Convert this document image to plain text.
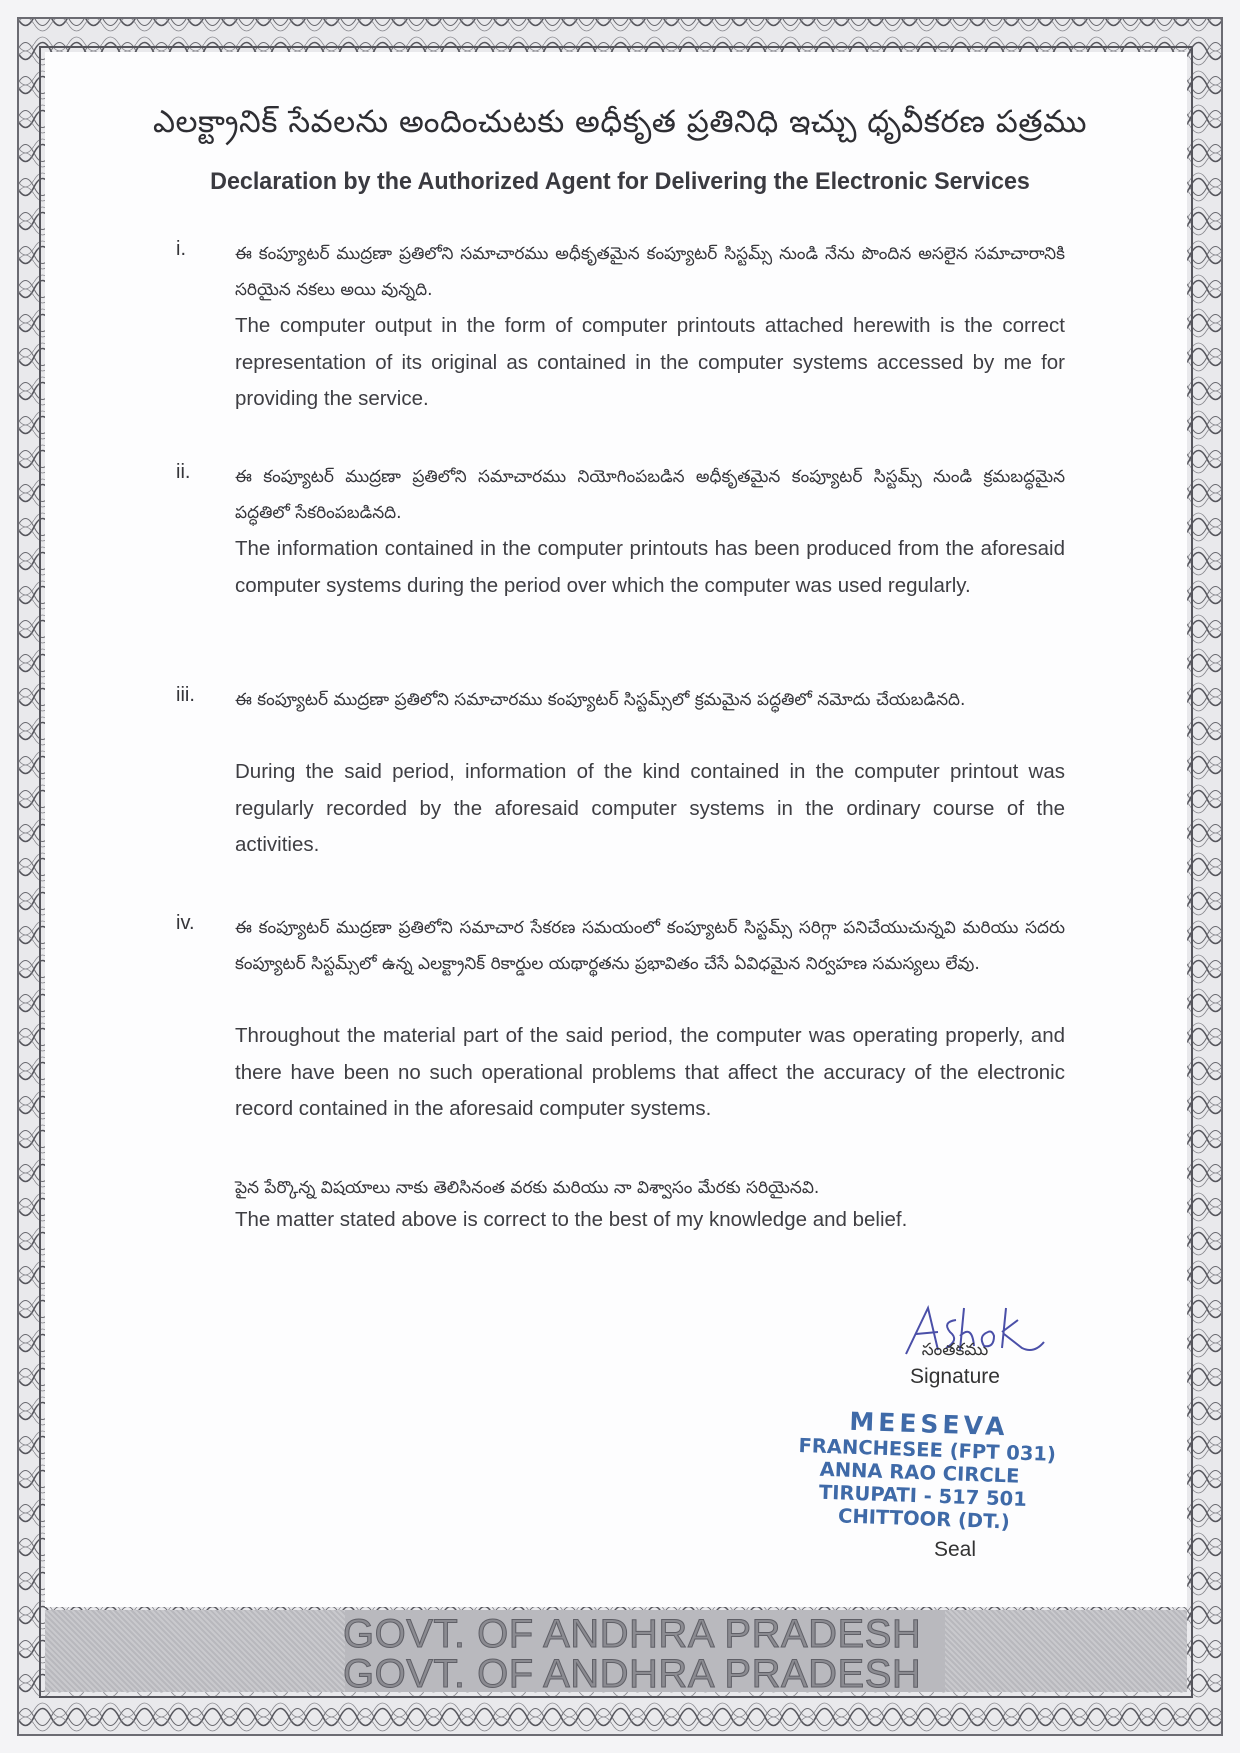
ఎలక్ట్రానిక్ సేవలను అందించుటకు అధీకృత ప్రతినిధి ఇచ్చు ధృవీకరణ పత్రము
Declaration by the Authorized Agent for Delivering the Electronic Services
i.	ఈ కంప్యూటర్ ముద్రణా ప్రతిలోని సమాచారము అధీకృతమైన కంప్యూటర్ సిస్టమ్స్ నుండి నేను పొందిన అసలైన సమాచారానికి సరియైన నకలు అయి వున్నది.
The computer output in the form of computer printouts attached herewith is the correct representation of its original as contained in the computer systems accessed by me for providing the service.
ii.	ఈ కంప్యూటర్ ముద్రణా ప్రతిలోని సమాచారము నియోగింపబడిన అధీకృతమైన కంప్యూటర్ సిస్టమ్స్ నుండి క్రమబద్ధమైన పద్ధతిలో సేకరింపబడినది.
The information contained in the computer printouts has been produced from the aforesaid computer systems during the period over which the computer was used regularly.
iii. ఈ కంప్యూటర్ ముద్రణా ప్రతిలోని సమాచారము కంప్యూటర్ సిస్టమ్స్‌లో క్రమమైన పద్ధతిలో నమోదు చేయబడినది.
During the said period, information of the kind contained in the computer printout was regularly recorded by the aforesaid computer systems in the ordinary course of the activities.
iv. ఈ కంప్యూటర్ ముద్రణా ప్రతిలోని సమాచార సేకరణ సమయంలో కంప్యూటర్ సిస్టమ్స్ సరిగ్గా పనిచేయుచున్నవి మరియు సదరు కంప్యూటర్ సిస్టమ్స్‌లో ఉన్న ఎలక్ట్రానిక్ రికార్డుల యథార్థతను ప్రభావితం చేసే ఏవిధమైన నిర్వహణ సమస్యలు లేవు.
Throughout the material part of the said period, the computer was operating properly, and there have been no such operational problems that affect the accuracy of the electronic record contained in the aforesaid computer systems.
పైన పేర్కొన్న విషయాలు నాకు తెలిసినంత వరకు మరియు నా విశ్వాసం మేరకు సరియైనవి.
The matter stated above is correct to the best of my knowledge and belief.
సంతకము
Signature
MEESEVA
FRANCHESEE (FPT 031)
ANNA RAO CIRCLE
TIRUPATI - 517 501
CHITTOOR (DT.)
Seal
GOVT. OF ANDHRA PRADESH
GOVT. OF ANDHRA PRADESH
